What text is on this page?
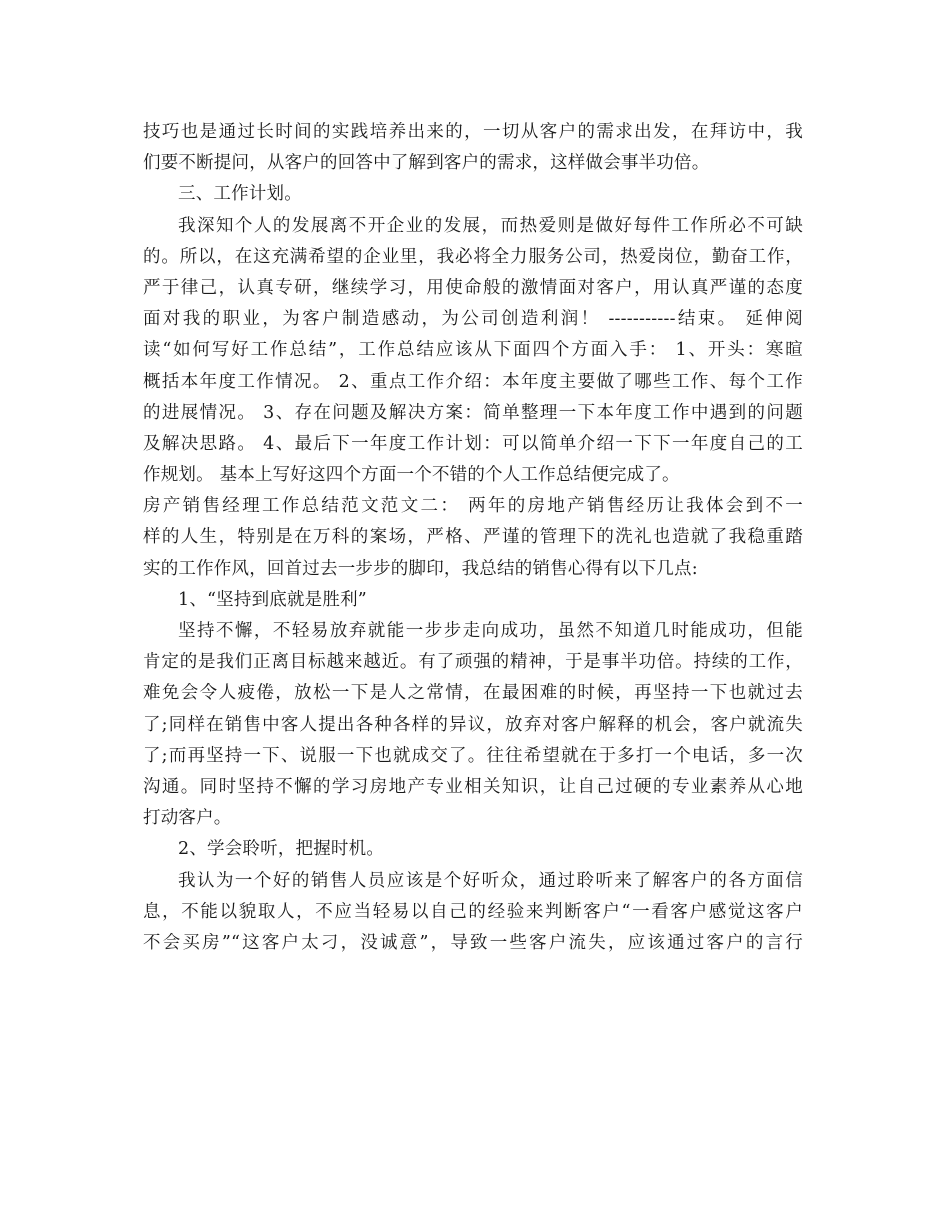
技巧也是通过长时间的实践培养出来的，一切从客户的需求出发，在拜访中，我
们要不断提问，从客户的回答中了解到客户的需求，这样做会事半功倍。
三、工作计划。
我深知个人的发展离不开企业的发展，而热爱则是做好每件工作所必不可缺
的。所以，在这充满希望的企业里，我必将全力服务公司，热爱岗位，勤奋工作，
严于律己，认真专研，继续学习，用使命般的激情面对客户，用认真严谨的态度
面对我的职业，为客户制造感动，为公司创造利润！ -----------结束。 延伸阅
读“如何写好工作总结”，工作总结应该从下面四个方面入手： 1、开头：寒暄
概括本年度工作情况。 2、重点工作介绍：本年度主要做了哪些工作、每个工作
的进展情况。 3、存在问题及解决方案：简单整理一下本年度工作中遇到的问题
及解决思路。 4、最后下一年度工作计划：可以简单介绍一下下一年度自己的工
作规划。 基本上写好这四个方面一个不错的个人工作总结便完成了。
房产销售经理工作总结范文范文二： 两年的房地产销售经历让我体会到不一
样的人生，特别是在万科的案场，严格、严谨的管理下的洗礼也造就了我稳重踏
实的工作作风，回首过去一步步的脚印，我总结的销售心得有以下几点:
1、“坚持到底就是胜利”
坚持不懈，不轻易放弃就能一步步走向成功，虽然不知道几时能成功，但能
肯定的是我们正离目标越来越近。有了顽强的精神，于是事半功倍。持续的工作，
难免会令人疲倦，放松一下是人之常情，在最困难的时候，再坚持一下也就过去
了;同样在销售中客人提出各种各样的异议，放弃对客户解释的机会，客户就流失
了;而再坚持一下、说服一下也就成交了。往往希望就在于多打一个电话，多一次
沟通。同时坚持不懈的学习房地产专业相关知识，让自己过硬的专业素养从心地
打动客户。
2、学会聆听，把握时机。
我认为一个好的销售人员应该是个好听众，通过聆听来了解客户的各方面信
息，不能以貌取人，不应当轻易以自己的经验来判断客户“一看客户感觉这客户
不会买房”“这客户太刁，没诚意”，导致一些客户流失，应该通过客户的言行
